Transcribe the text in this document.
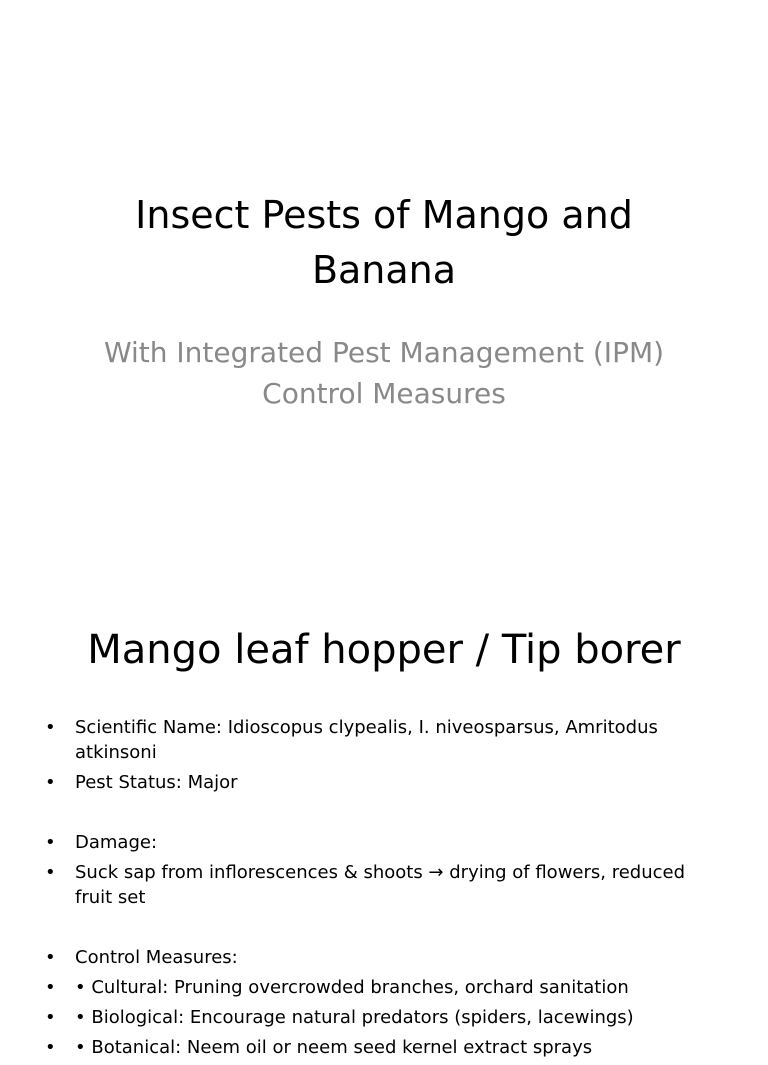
Insect Pests of Mango and Banana
With Integrated Pest Management (IPM) Control Measures
Mango leaf hopper / Tip borer
• Scientific Name: Idioscopus clypealis, I. niveosparsus, Amritodus atkinsoni
• Pest Status: Major
• Damage:
• Suck sap from inflorescences & shoots → drying of flowers, reduced fruit set
• Control Measures:
• • Cultural: Pruning overcrowded branches, orchard sanitation
• • Biological: Encourage natural predators (spiders, lacewings)
• • Botanical: Neem oil or neem seed kernel extract sprays
